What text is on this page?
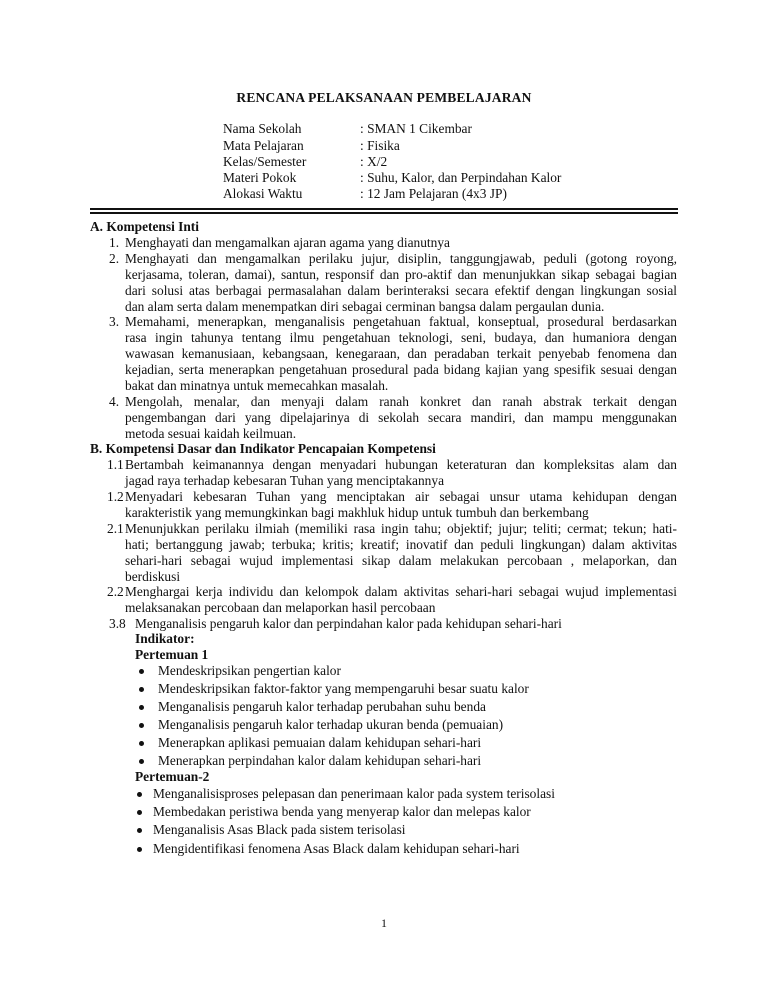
RENCANA PELAKSANAAN PEMBELAJARAN
Nama Sekolah	: SMAN 1 Cikembar
Mata Pelajaran	: Fisika
Kelas/Semester	: X/2
Materi Pokok	: Suhu, Kalor, dan Perpindahan Kalor
Alokasi Waktu	: 12 Jam Pelajaran (4x3 JP)
A. Kompetensi Inti
1. Menghayati dan mengamalkan ajaran agama yang dianutnya
2. Menghayati dan mengamalkan perilaku jujur, disiplin, tanggungjawab, peduli (gotong royong,
kerjasama, toleran, damai), santun, responsif dan pro-aktif dan menunjukkan sikap sebagai bagian
dari solusi atas berbagai permasalahan dalam berinteraksi secara efektif dengan lingkungan sosial
dan alam serta dalam menempatkan diri sebagai cerminan bangsa dalam pergaulan dunia.
3. Memahami, menerapkan, menganalisis pengetahuan faktual, konseptual, prosedural berdasarkan
rasa ingin tahunya tentang ilmu pengetahuan teknologi, seni, budaya, dan humaniora dengan
wawasan kemanusiaan, kebangsaan, kenegaraan, dan peradaban terkait penyebab fenomena dan
kejadian, serta menerapkan pengetahuan prosedural pada bidang kajian yang spesifik sesuai dengan
bakat dan minatnya untuk memecahkan masalah.
4. Mengolah, menalar, dan menyaji dalam ranah konkret dan ranah abstrak terkait dengan
pengembangan dari yang dipelajarinya di sekolah secara mandiri, dan mampu menggunakan
metoda sesuai kaidah keilmuan.
B. Kompetensi Dasar dan Indikator Pencapaian Kompetensi
1.1 Bertambah keimanannya dengan menyadari hubungan keteraturan dan kompleksitas alam dan
jagad raya terhadap kebesaran Tuhan yang menciptakannya
1.2 Menyadari kebesaran Tuhan yang menciptakan air sebagai unsur utama kehidupan dengan
karakteristik yang memungkinkan bagi makhluk hidup untuk tumbuh dan berkembang
2.1 Menunjukkan perilaku ilmiah (memiliki rasa ingin tahu; objektif; jujur; teliti; cermat; tekun; hati-
hati; bertanggung jawab; terbuka; kritis; kreatif; inovatif dan peduli lingkungan) dalam aktivitas
sehari-hari sebagai wujud implementasi sikap dalam melakukan percobaan , melaporkan, dan
berdiskusi
2.2 Menghargai kerja individu dan kelompok dalam aktivitas sehari-hari sebagai wujud implementasi
melaksanakan percobaan dan melaporkan hasil percobaan
3.8 Menganalisis pengaruh kalor dan perpindahan kalor pada kehidupan sehari-hari
Indikator:
Pertemuan 1
Mendeskripsikan pengertian kalor
Mendeskripsikan faktor-faktor yang mempengaruhi besar suatu kalor
Menganalisis pengaruh kalor terhadap perubahan suhu benda
Menganalisis pengaruh kalor terhadap ukuran benda (pemuaian)
Menerapkan aplikasi pemuaian dalam kehidupan sehari-hari
Menerapkan perpindahan kalor dalam kehidupan sehari-hari
Pertemuan-2
Menganalisisproses pelepasan dan penerimaan kalor pada system terisolasi
Membedakan peristiwa benda yang menyerap kalor dan melepas kalor
Menganalisis Asas Black pada sistem terisolasi
Mengidentifikasi fenomena Asas Black dalam kehidupan sehari-hari
1
